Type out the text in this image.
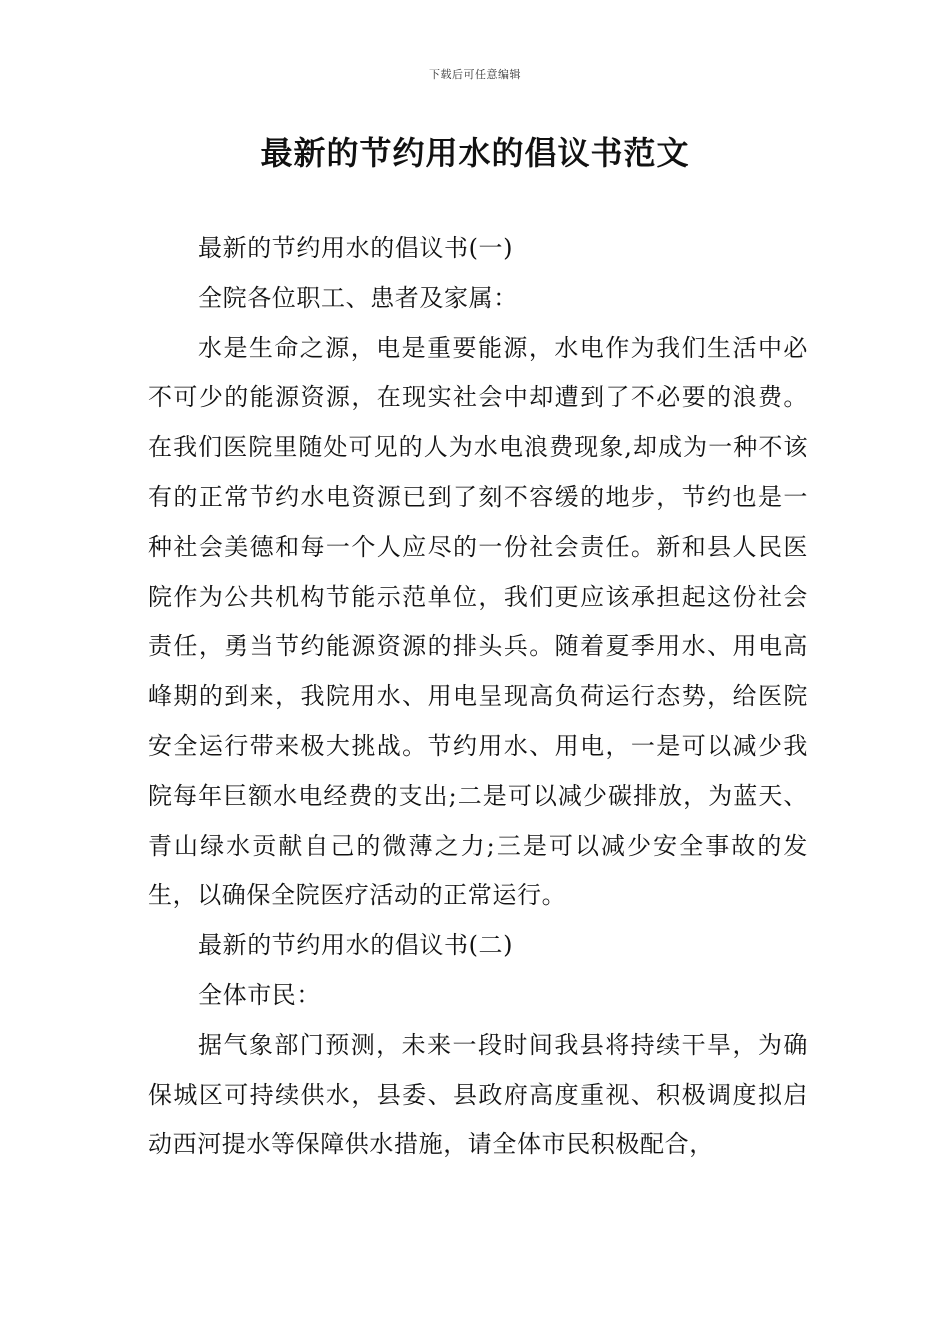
下载后可任意编辑
最新的节约用水的倡议书范文

最新的节约用水的倡议书(一)

全院各位职工、患者及家属：

水是生命之源，电是重要能源，水电作为我们生活中必不可少的能源资源，在现实社会中却遭到了不必要的浪费。在我们医院里随处可见的人为水电浪费现象,却成为一种不该有的正常节约水电资源已到了刻不容缓的地步，节约也是一种社会美德和每一个人应尽的一份社会责任。新和县人民医院作为公共机构节能示范单位，我们更应该承担起这份社会责任，勇当节约能源资源的排头兵。随着夏季用水、用电高峰期的到来，我院用水、用电呈现高负荷运行态势，给医院安全运行带来极大挑战。节约用水、用电，一是可以减少我院每年巨额水电经费的支出;二是可以减少碳排放，为蓝天、青山绿水贡献自己的微薄之力;三是可以减少安全事故的发生，以确保全院医疗活动的正常运行。

最新的节约用水的倡议书(二)

全体市民：

据气象部门预测，未来一段时间我县将持续干旱，为确保城区可持续供水，县委、县政府高度重视、积极调度拟启动西河提水等保障供水措施，请全体市民积极配合，
